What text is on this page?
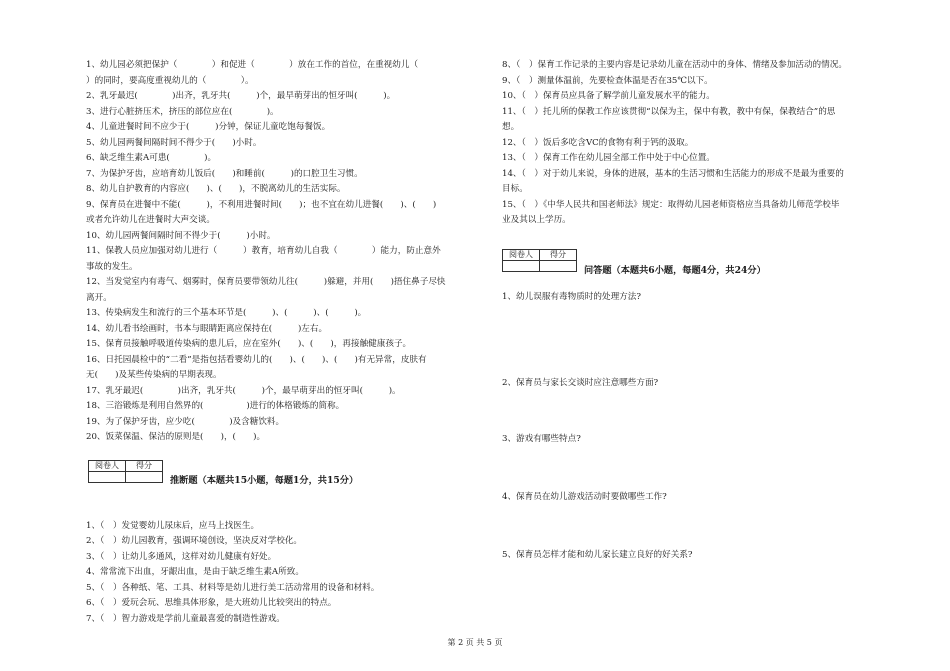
1、幼儿园必须把保护（　　　　）和促进（　　　　）放在工作的首位，在重视幼儿（
）的同时，要高度重视幼儿的（　　　　）。
2、乳牙最迟(　　　　)出齐，乳牙共(　　　)个，最早萌芽出的恒牙叫(　　　)。
3、进行心脏挤压术，挤压的部位应在(　　　　)。
4、儿童进餐时间不应少于(　　　)分钟，保证儿童吃饱每餐饭。
5、幼儿园两餐间隔时间不得少于(　　)小时。
6、缺乏维生素A可患(　　　　)。
7、为保护牙齿，应培育幼儿饭后(　　)和睡前(　　　)的口腔卫生习惯。
8、幼儿自护教育的内容应(　　)、(　　)，不脱离幼儿的生活实际。
9、保育员在进餐中不能(　　　)，不利用进餐时间(　　)；也不宜在幼儿进餐(　　)、(　　)
或者允许幼儿在进餐时大声交谈。
10、幼儿园两餐间隔时间不得少于(　　　)小时。
11、保教人员应加强对幼儿进行（　　　）教育，培育幼儿自我（　　　　）能力，防止意外
事故的发生。
12、当发觉室内有毒气、烟雾时，保育员要带领幼儿往(　　　)躲避，并用(　　)捂住鼻子尽快
离开。
13、传染病发生和流行的三个基本环节是(　　　)、(　　　)、(　　　)。
14、幼儿看书绘画时，书本与眼睛距离应保持在(　　　)左右。
15、保育员接触呼吸道传染病的患儿后，应在室外(　　)、(　　)，再接触健康孩子。
16、日托园晨检中的“二看”是指包括看婴幼儿的(　　)、(　　)、(　　)有无异常，皮肤有
无(　　)及某些传染病的早期表现。
17、乳牙最迟(　　　　)出齐，乳牙共(　　　)个，最早萌芽出的恒牙叫(　　　)。
18、三浴锻炼是利用自然界的(　　　　　)进行的体格锻炼的简称。
19、为了保护牙齿，应少吃(　　　　)及含糖饮料。
20、饭菜保温、保洁的原则是(　　)，(　　)。
阅卷人	得分

推断题（本题共15小题，每题1分，共15分）
1、（　）发觉婴幼儿尿床后，应马上找医生。
2、（　）幼儿园教育，强调环境创设，坚决反对学校化。
3、（　）让幼儿多通风，这样对幼儿健康有好处。
4、常常流下出血，牙龈出血，是由于缺乏维生素A所致。
5、（　）各种纸、笔、工具、材料等是幼儿进行美工活动常用的设备和材料。
6、（　）爱玩会玩、思维具体形象，是大班幼儿比较突出的特点。
7、（　）智力游戏是学前儿童最喜爱的制造性游戏。
8、（　）保育工作记录的主要内容是记录幼儿童在活动中的身体、情绪及参加活动的情况。
9、（　）测量体温前，先要检查体温是否在35℃以下。
10、（　）保育员应具备了解学前儿童发展水平的能力。
11、（　）托儿所的保教工作应该贯彻“以保为主，保中有教，教中有保，保教结合”的思
想。
12、（　）饭后多吃含VC的食物有利于钙的汲取。
13、（　）保育工作在幼儿园全部工作中处于中心位置。
14、（　）对于幼儿来说，身体的进展，基本的生活习惯和生活能力的形成不是最为重要的
目标。
15、（　）《中华人民共和国老师法》规定：取得幼儿园老师资格应当具备幼儿师范学校毕
业及其以上学历。
阅卷人	得分

问答题（本题共6小题，每题4分，共24分）
1、幼儿误服有毒物质时的处理方法?
2、保育员与家长交谈时应注意哪些方面?
3、游戏有哪些特点?
4、保育员在幼儿游戏活动时要做哪些工作?
5、保育员怎样才能和幼儿家长建立良好的好关系?
第 2 页 共 5 页
